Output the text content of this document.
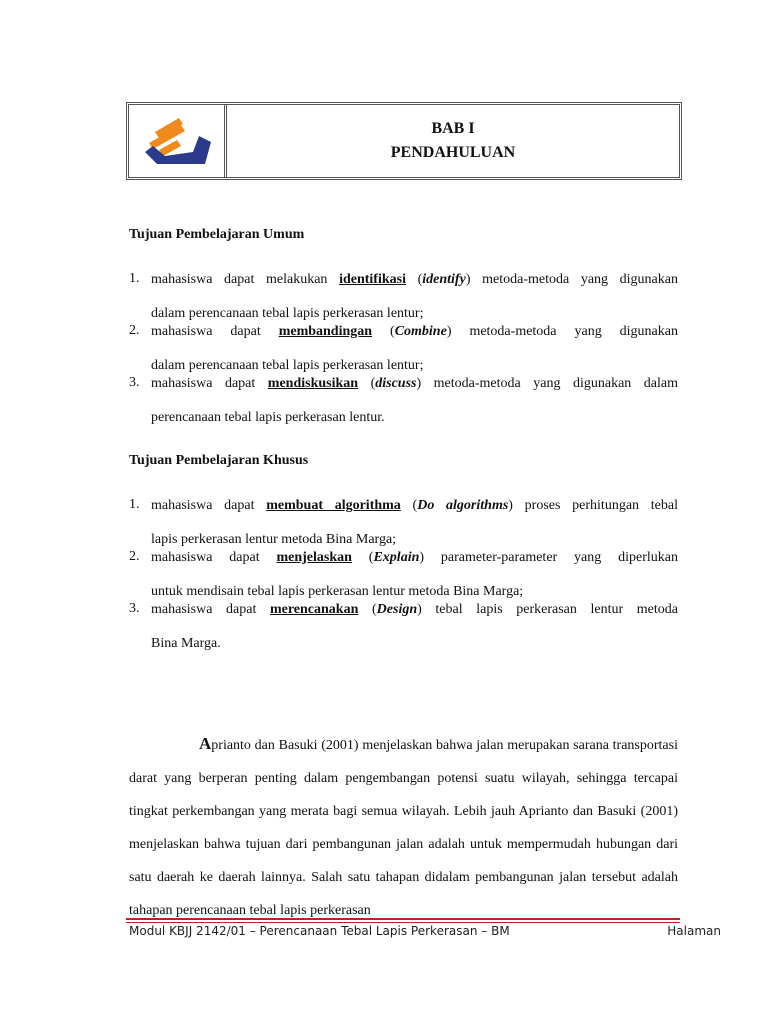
BAB I
PENDAHULUAN
Tujuan Pembelajaran Umum
1. mahasiswa dapat melakukan identifikasi (identify) metoda-metoda yang digunakan
dalam perencanaan tebal lapis perkerasan lentur;
2. mahasiswa dapat membandingan (Combine) metoda-metoda yang digunakan
dalam perencanaan tebal lapis perkerasan lentur;
3. mahasiswa dapat mendiskusikan (discuss) metoda-metoda yang digunakan dalam
perencanaan tebal lapis perkerasan lentur.
Tujuan Pembelajaran Khusus
1. mahasiswa dapat membuat algorithma (Do algorithms) proses perhitungan tebal
lapis perkerasan lentur metoda Bina Marga;
2. mahasiswa dapat menjelaskan (Explain) parameter-parameter yang diperlukan
untuk mendisain tebal lapis perkerasan lentur metoda Bina Marga;
3. mahasiswa dapat merencanakan (Design) tebal lapis perkerasan lentur metoda
Bina Marga.
Aprianto dan Basuki (2001) menjelaskan bahwa jalan merupakan sarana transportasi darat yang berperan penting dalam pengembangan potensi suatu wilayah, sehingga tercapai tingkat perkembangan yang merata bagi semua wilayah. Lebih jauh Aprianto dan Basuki (2001) menjelaskan bahwa tujuan dari pembangunan jalan adalah untuk mempermudah hubungan dari satu daerah ke daerah lainnya. Salah satu tahapan didalam pembangunan jalan tersebut adalah tahapan perencanaan tebal lapis perkerasan
Modul KBJJ 2142/01 – Perencanaan Tebal Lapis Perkerasan – BM	Halaman
